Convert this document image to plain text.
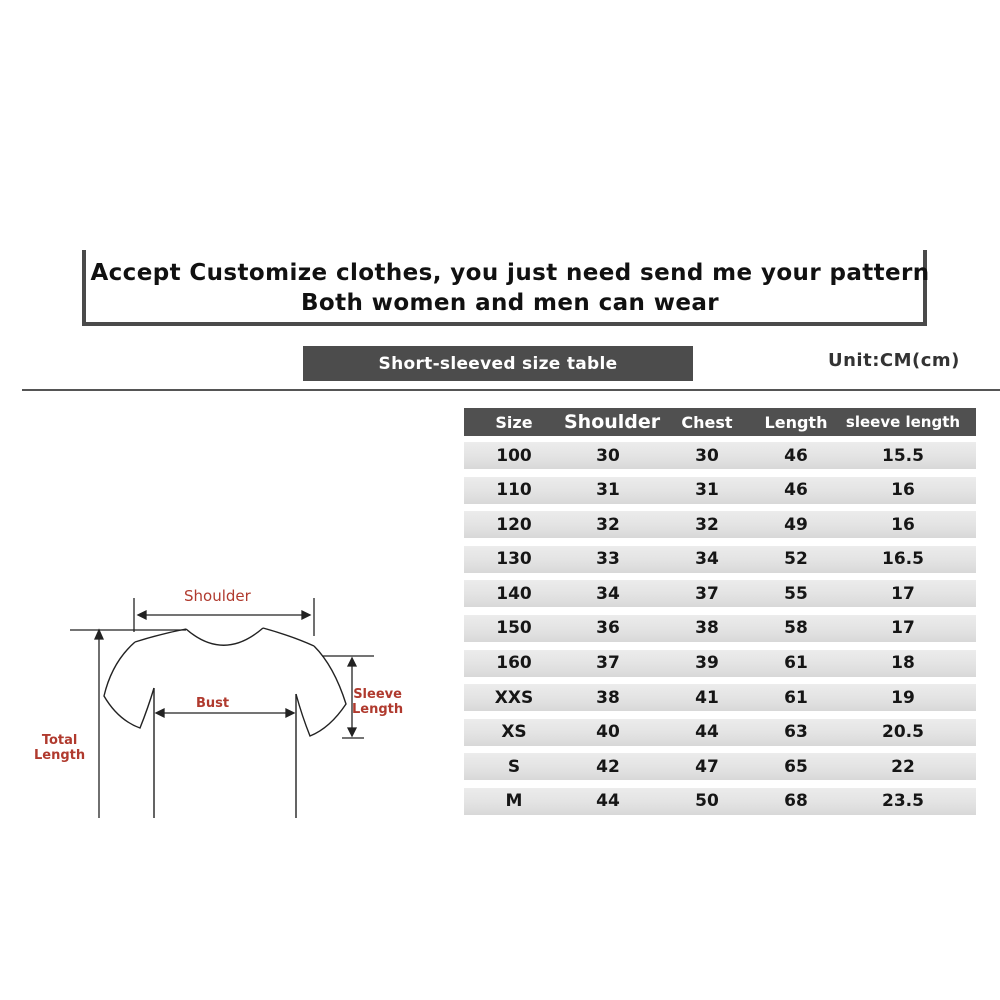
Accept Customize clothes, you just need send me your pattern
Both women and men can wear
Short-sleeved size table	Unit:CM(cm)
Size	Shoulder	Chest	Length	sleeve length
100	30	30	46	15.5
110	31	31	46	16
120	32	32	49	16
130	33	34	52	16.5
140	34	37	55	17
150	36	38	58	17
160	37	39	61	18
XXS	38	41	61	19
XS	40	44	63	20.5
S	42	47	65	22
M	44	50	68	23.5
Shoulder
Bust
Sleeve
Length
Total
Length
